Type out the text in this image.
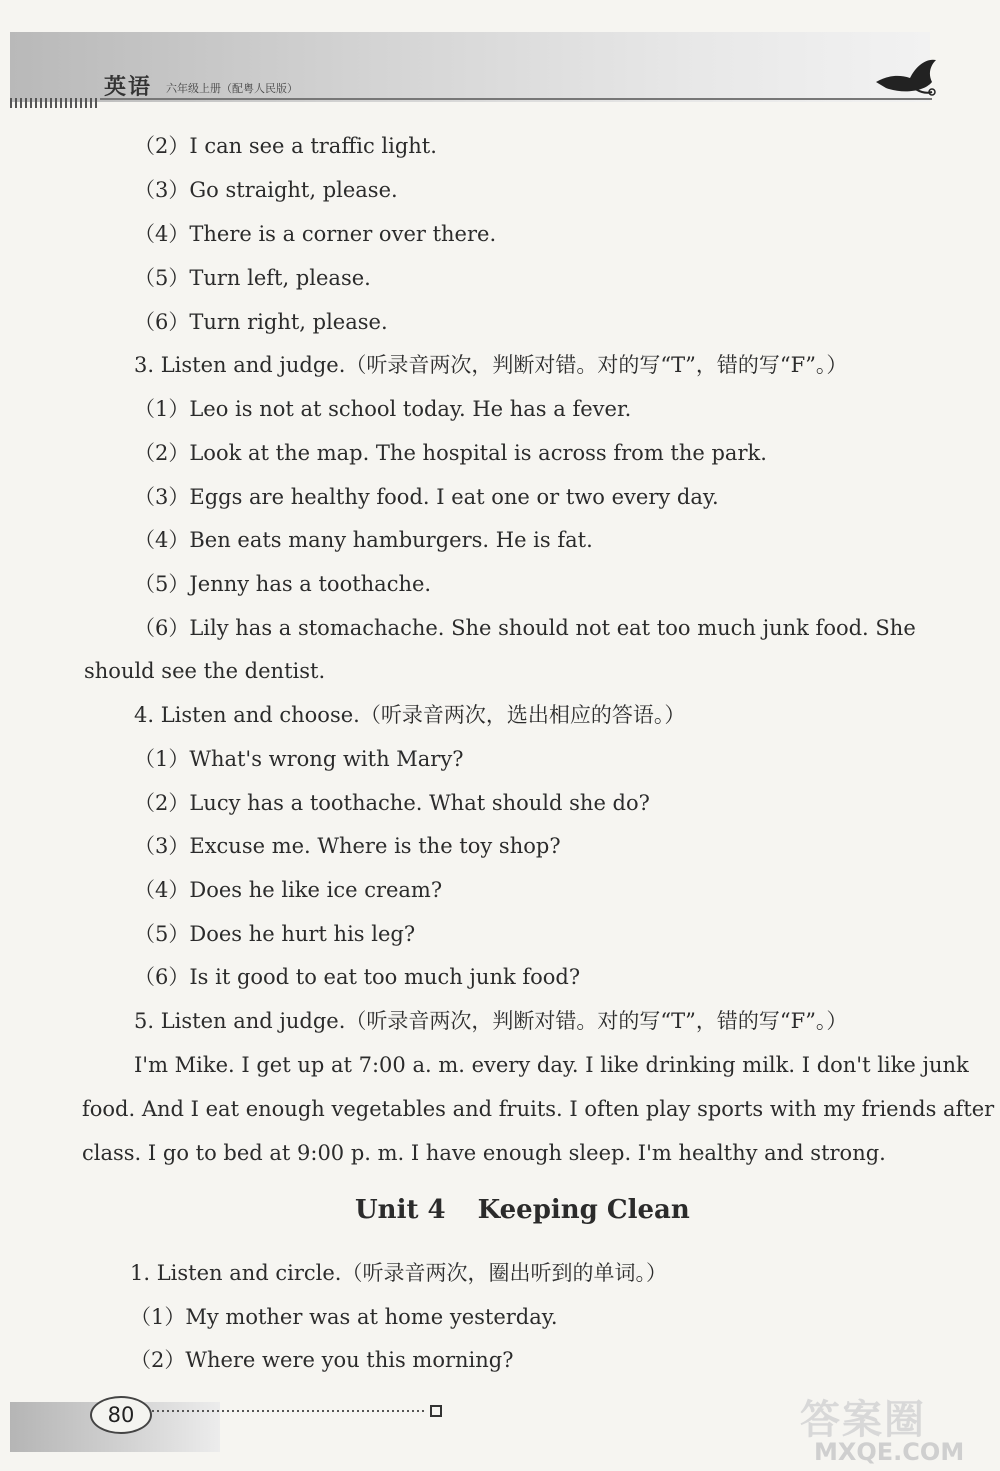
英语 六年级上册（配粤人民版）
（2）I can see a traffic light.
（3）Go straight, please.
（4）There is a corner over there.
（5）Turn left, please.
（6）Turn right, please.
3. Listen and judge.（听录音两次，判断对错。对的写“T”，错的写“F”。）
（1）Leo is not at school today. He has a fever.
（2）Look at the map. The hospital is across from the park.
（3）Eggs are healthy food. I eat one or two every day.
（4）Ben eats many hamburgers. He is fat.
（5）Jenny has a toothache.
（6）Lily has a stomachache. She should not eat too much junk food. She
should see the dentist.
4. Listen and choose.（听录音两次，选出相应的答语。）
（1）What's wrong with Mary?
（2）Lucy has a toothache. What should she do?
（3）Excuse me. Where is the toy shop?
（4）Does he like ice cream?
（5）Does he hurt his leg?
（6）Is it good to eat too much junk food?
5. Listen and judge.（听录音两次，判断对错。对的写“T”，错的写“F”。）
I'm Mike. I get up at 7:00 a. m. every day. I like drinking milk. I don't like junk
food. And I eat enough vegetables and fruits. I often play sports with my friends after
class. I go to bed at 9:00 p. m. I have enough sleep. I'm healthy and strong.
Unit 4 Keeping Clean
1. Listen and circle.（听录音两次，圈出听到的单词。）
（1）My mother was at home yesterday.
（2）Where were you this morning?
80	答案圈
MXQE.COM
